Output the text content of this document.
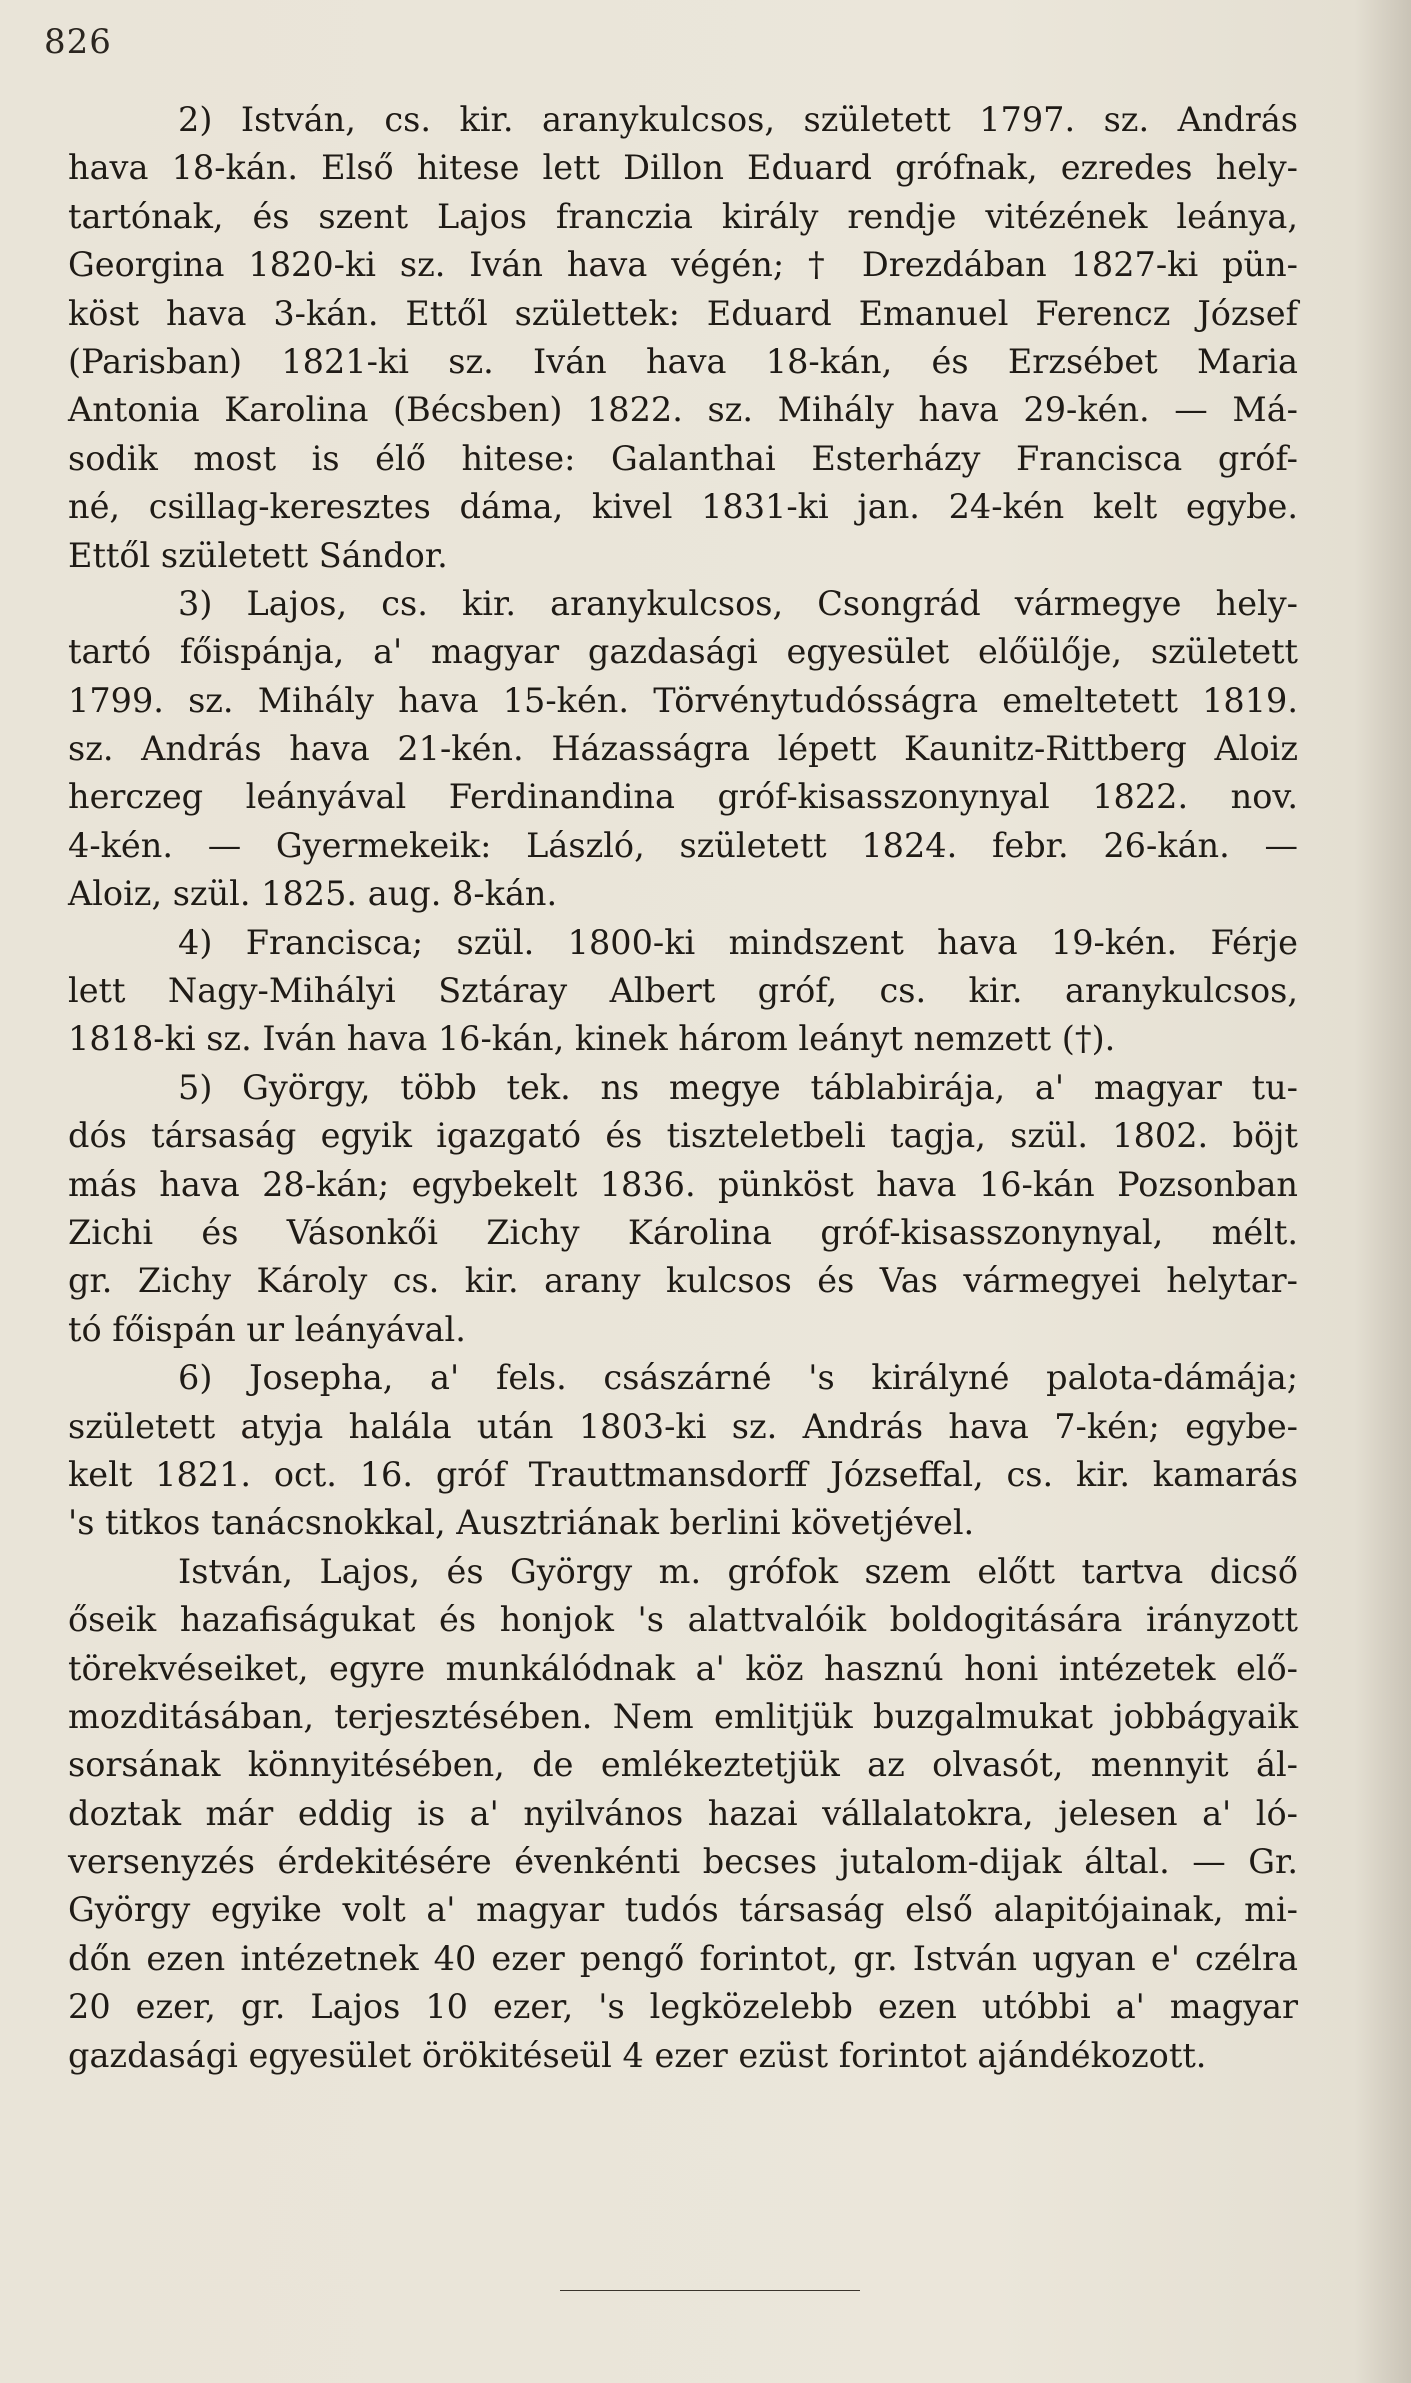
826
2) István, cs. kir. aranykulcsos, született 1797. sz. András
hava 18-kán. Első hitese lett Dillon Eduard grófnak, ezredes hely-
tartónak, és szent Lajos franczia király rendje vitézének leánya,
Georgina 1820-ki sz. Iván hava végén; † Drezdában 1827-ki pün-
köst hava 3-kán. Ettől születtek: Eduard Emanuel Ferencz József
(Parisban) 1821-ki sz. Iván hava 18-kán, és Erzsébet Maria
Antonia Karolina (Bécsben) 1822. sz. Mihály hava 29-kén. — Má-
sodik most is élő hitese: Galanthai Esterházy Francisca gróf-
né, csillag-keresztes dáma, kivel 1831-ki jan. 24-kén kelt egybe.
Ettől született Sándor.
3) Lajos, cs. kir. aranykulcsos, Csongrád vármegye hely-
tartó főispánja, a' magyar gazdasági egyesület előülője, született
1799. sz. Mihály hava 15-kén. Törvénytudósságra emeltetett 1819.
sz. András hava 21-kén. Házasságra lépett Kaunitz-Rittberg Aloiz
herczeg leányával Ferdinandina gróf-kisasszonynyal 1822. nov.
4-kén. — Gyermekeik: László, született 1824. febr. 26-kán. —
Aloiz, szül. 1825. aug. 8-kán.
4) Francisca; szül. 1800-ki mindszent hava 19-kén. Férje
lett Nagy-Mihályi Sztáray Albert gróf, cs. kir. aranykulcsos,
1818-ki sz. Iván hava 16-kán, kinek három leányt nemzett (†).
5) György, több tek. ns megye táblabirája, a' magyar tu-
dós társaság egyik igazgató és tiszteletbeli tagja, szül. 1802. böjt
más hava 28-kán; egybekelt 1836. pünköst hava 16-kán Pozsonban
Zichi és Vásonkői Zichy Károlina gróf-kisasszonynyal, mélt.
gr. Zichy Károly cs. kir. arany kulcsos és Vas vármegyei helytar-
tó főispán ur leányával.
6) Josepha, a' fels. császárné 's királyné palota-dámája;
született atyja halála után 1803-ki sz. András hava 7-kén; egybe-
kelt 1821. oct. 16. gróf Trauttmansdorff Józseffal, cs. kir. kamarás
's titkos tanácsnokkal, Ausztriának berlini követjével.
István, Lajos, és György m. grófok szem előtt tartva dicső
őseik hazafiságukat és honjok 's alattvalóik boldogitására irányzott
törekvéseiket, egyre munkálódnak a' köz hasznú honi intézetek elő-
mozditásában, terjesztésében. Nem emlitjük buzgalmukat jobbágyaik
sorsának könnyitésében, de emlékeztetjük az olvasót, mennyit ál-
doztak már eddig is a' nyilvános hazai vállalatokra, jelesen a' ló-
versenyzés érdekitésére évenkénti becses jutalom-dijak által. — Gr.
György egyike volt a' magyar tudós társaság első alapitójainak, mi-
dőn ezen intézetnek 40 ezer pengő forintot, gr. István ugyan e' czélra
20 ezer, gr. Lajos 10 ezer, 's legközelebb ezen utóbbi a' magyar
gazdasági egyesület örökitéseül 4 ezer ezüst forintot ajándékozott.
